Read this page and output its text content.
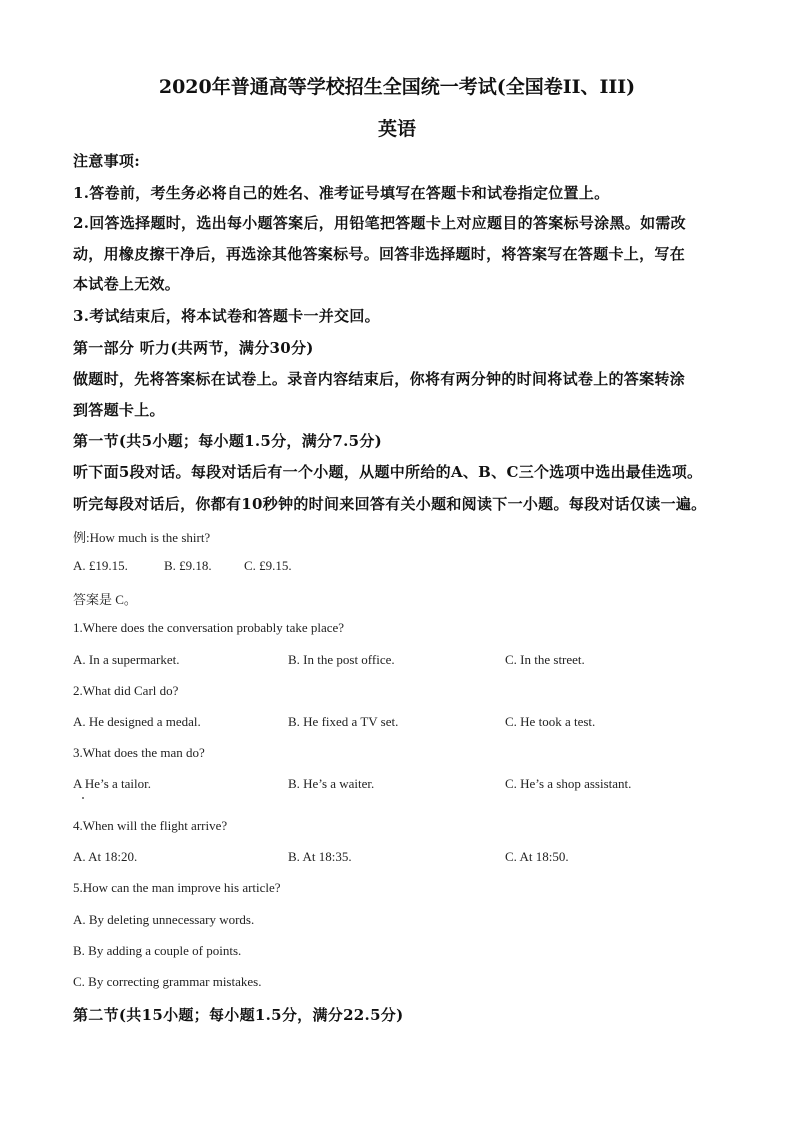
2020年普通高等学校招生全国统一考试(全国卷II、III)
英语
注意事项:
1.答卷前，考生务必将自己的姓名、准考证号填写在答题卡和试卷指定位置上。
2.回答选择题时，选出每小题答案后，用铅笔把答题卡上对应题目的答案标号涂黑。如需改
动，用橡皮擦干净后，再选涂其他答案标号。回答非选择题时，将答案写在答题卡上，写在
本试卷上无效。
3.考试结束后，将本试卷和答题卡一并交回。
第一部分 听力(共两节，满分30分)
做题时，先将答案标在试卷上。录音内容结束后，你将有两分钟的时间将试卷上的答案转涂
到答题卡上。
第一节(共5小题；每小题1.5分，满分7.5分)
听下面5段对话。每段对话后有一个小题，从题中所给的A、B、C三个选项中选出最佳选项。
听完每段对话后，你都有10秒钟的时间来回答有关小题和阅读下一小题。每段对话仅读一遍。
例:How much is the shirt?
A. £19.15.	B. £9.18. C. £9.15.
答案是 C。
1.Where does the conversation probably take place?
A. In a supermarket.	B. In the post office.	C. In the street.
2.What did Carl do?
A. He designed a medal.	B. He fixed a TV set.	C. He took a test.
3.What does the man do?
A He’s a tailor.	B. He’s a waiter.	C. He’s a shop assistant.
4.When will the flight arrive?
A. At 18:20.	B. At 18:35.	C. At 18:50.
5.How can the man improve his article?
A. By deleting unnecessary words.
B. By adding a couple of points.
C. By correcting grammar mistakes.
第二节(共15小题；每小题1.5分，满分22.5分)
